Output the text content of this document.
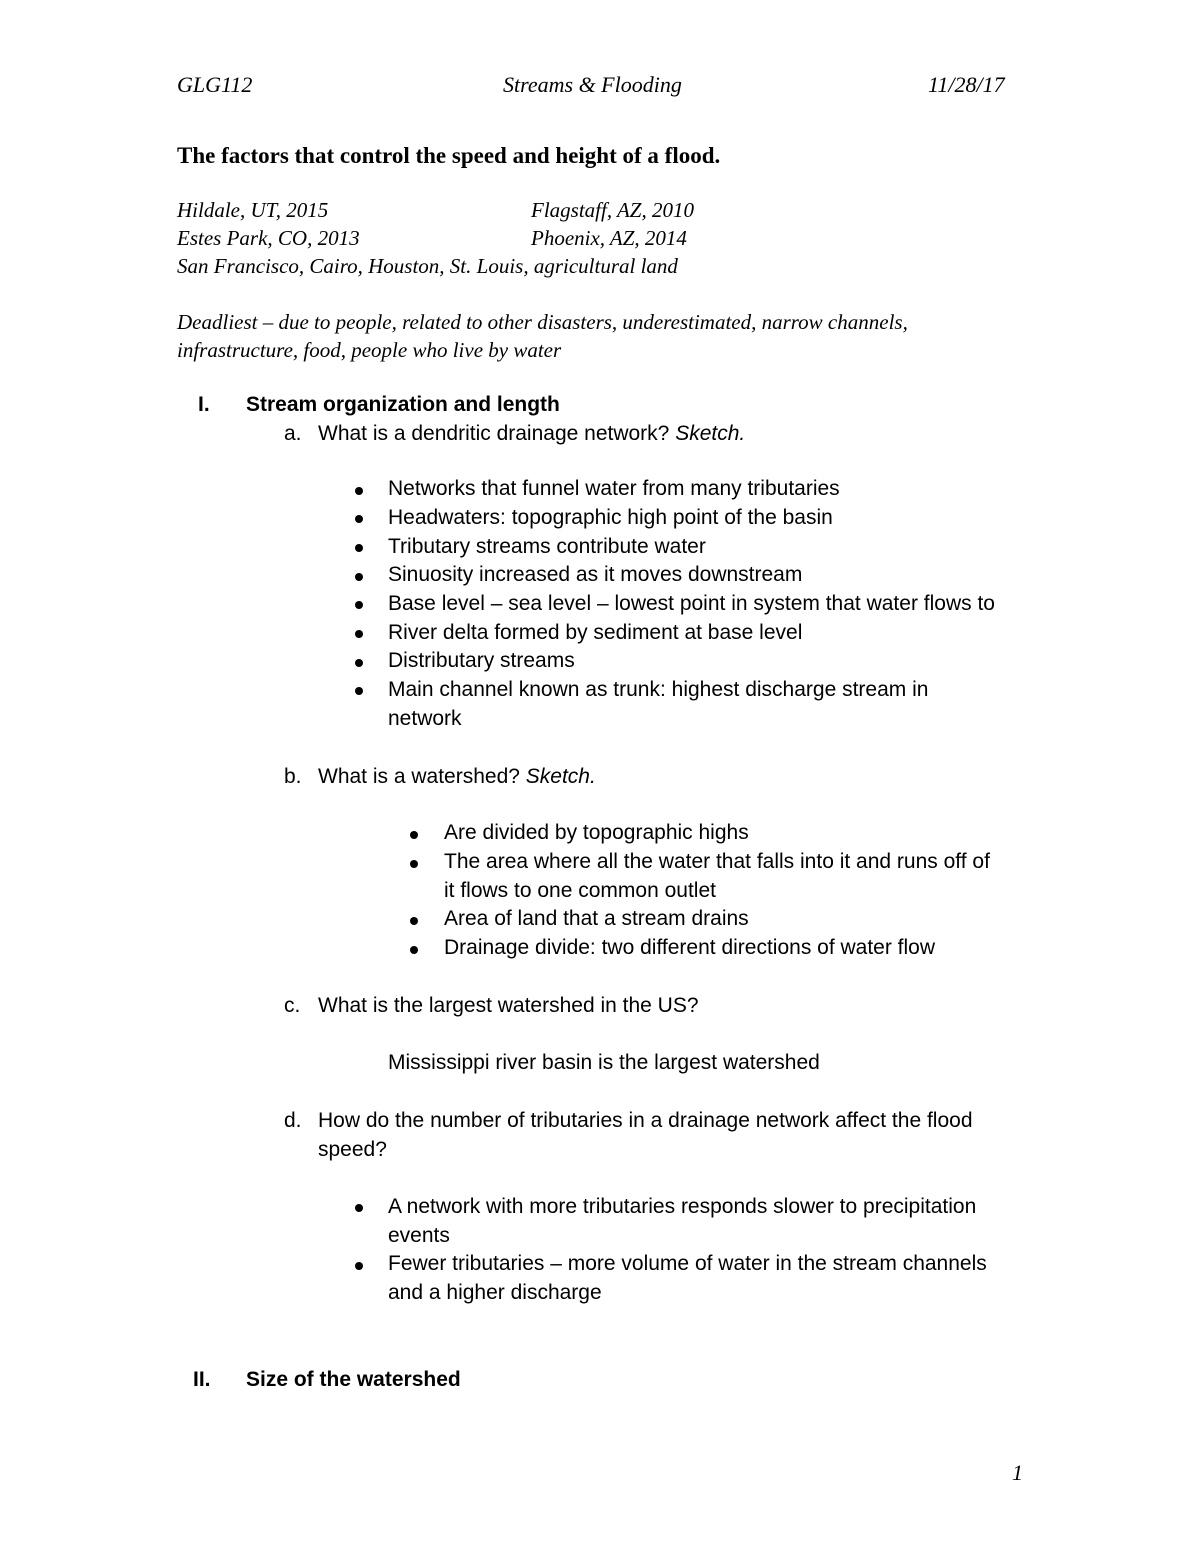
GLG112	Streams & Flooding	11/28/17
The factors that control the speed and height of a flood.
Hildale, UT, 2015	Flagstaff, AZ, 2010
Estes Park, CO, 2013	Phoenix, AZ, 2014
San Francisco, Cairo, Houston, St. Louis, agricultural land
Deadliest – due to people, related to other disasters, underestimated, narrow channels,
infrastructure, food, people who live by water
I. Stream organization and length
a. What is a dendritic drainage network? Sketch.
Networks that funnel water from many tributaries
Headwaters: topographic high point of the basin
Tributary streams contribute water
Sinuosity increased as it moves downstream
Base level – sea level – lowest point in system that water flows to
River delta formed by sediment at base level
Distributary streams
Main channel known as trunk: highest discharge stream in
network
b. What is a watershed? Sketch.
Are divided by topographic highs
The area where all the water that falls into it and runs off of
it flows to one common outlet
Area of land that a stream drains
Drainage divide: two different directions of water flow
c. What is the largest watershed in the US?
Mississippi river basin is the largest watershed
d. How do the number of tributaries in a drainage network affect the flood
speed?
A network with more tributaries responds slower to precipitation
events
Fewer tributaries – more volume of water in the stream channels
and a higher discharge
II. Size of the watershed
1
